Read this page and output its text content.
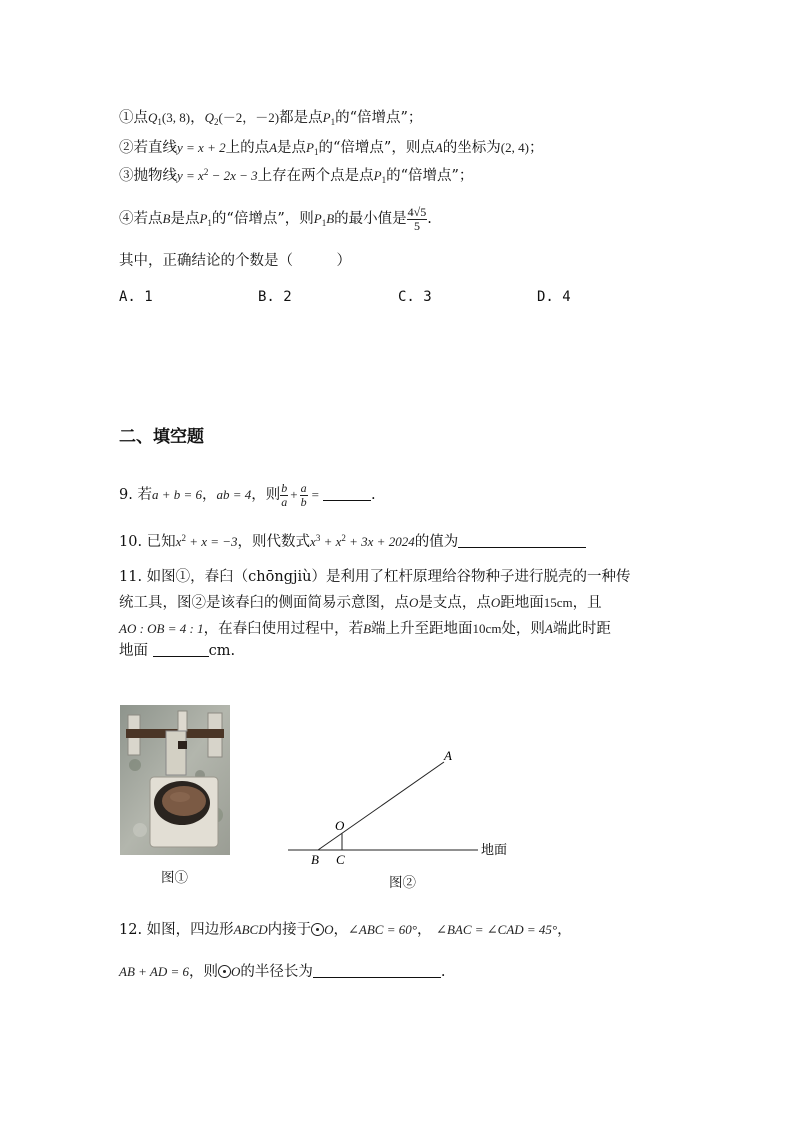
①点$Q_1(3$, 8)，$Q_2(-2$，－2)都是点$P_1$的“倍增点”；
②若直线y = x + 2上的点A是点$P_1$的“倍增点”，则点A的坐标为(2, 4)；
③抛物线$y = x^2 - 2x - 3$上存在两个点是点$P_1$的“倍增点”；
④若点B是点$P_1$的“倍增点”，则$P_1B$的最小值是 $\frac{4√5}{5}$ .
其中，正确结论的个数是（　　　）
A. 1	B. 2	C. 3	D. 4
二、填空题
9. 若a + b = 6，ab = 4，则 $\frac{b}{a} + \frac{a}{b}$ =	.
10. 已知$x^2 + x = -3$，则代数式$x^3 + x^2 + 3x + 2024$的值为
11. 如图①，春臼（chōngjiù）是利用了杠杆原理给谷物种子进行脱壳的一种传
统工具，图②是该春臼的侧面简易示意图，点O是支点，点O距地面15cm，且
AO : OB = 4 : 1，在春臼使用过程中，若B端上升至距地面10cm处，则A端此时距
地面	cm.
图①
A
O
B C
地面
图②
12. 如图，四边形ABCD内接于 O，∠ABC = 60°， ∠BAC = ∠CAD = 45°，
AB + AD = 6，则 O的半径长为	.
